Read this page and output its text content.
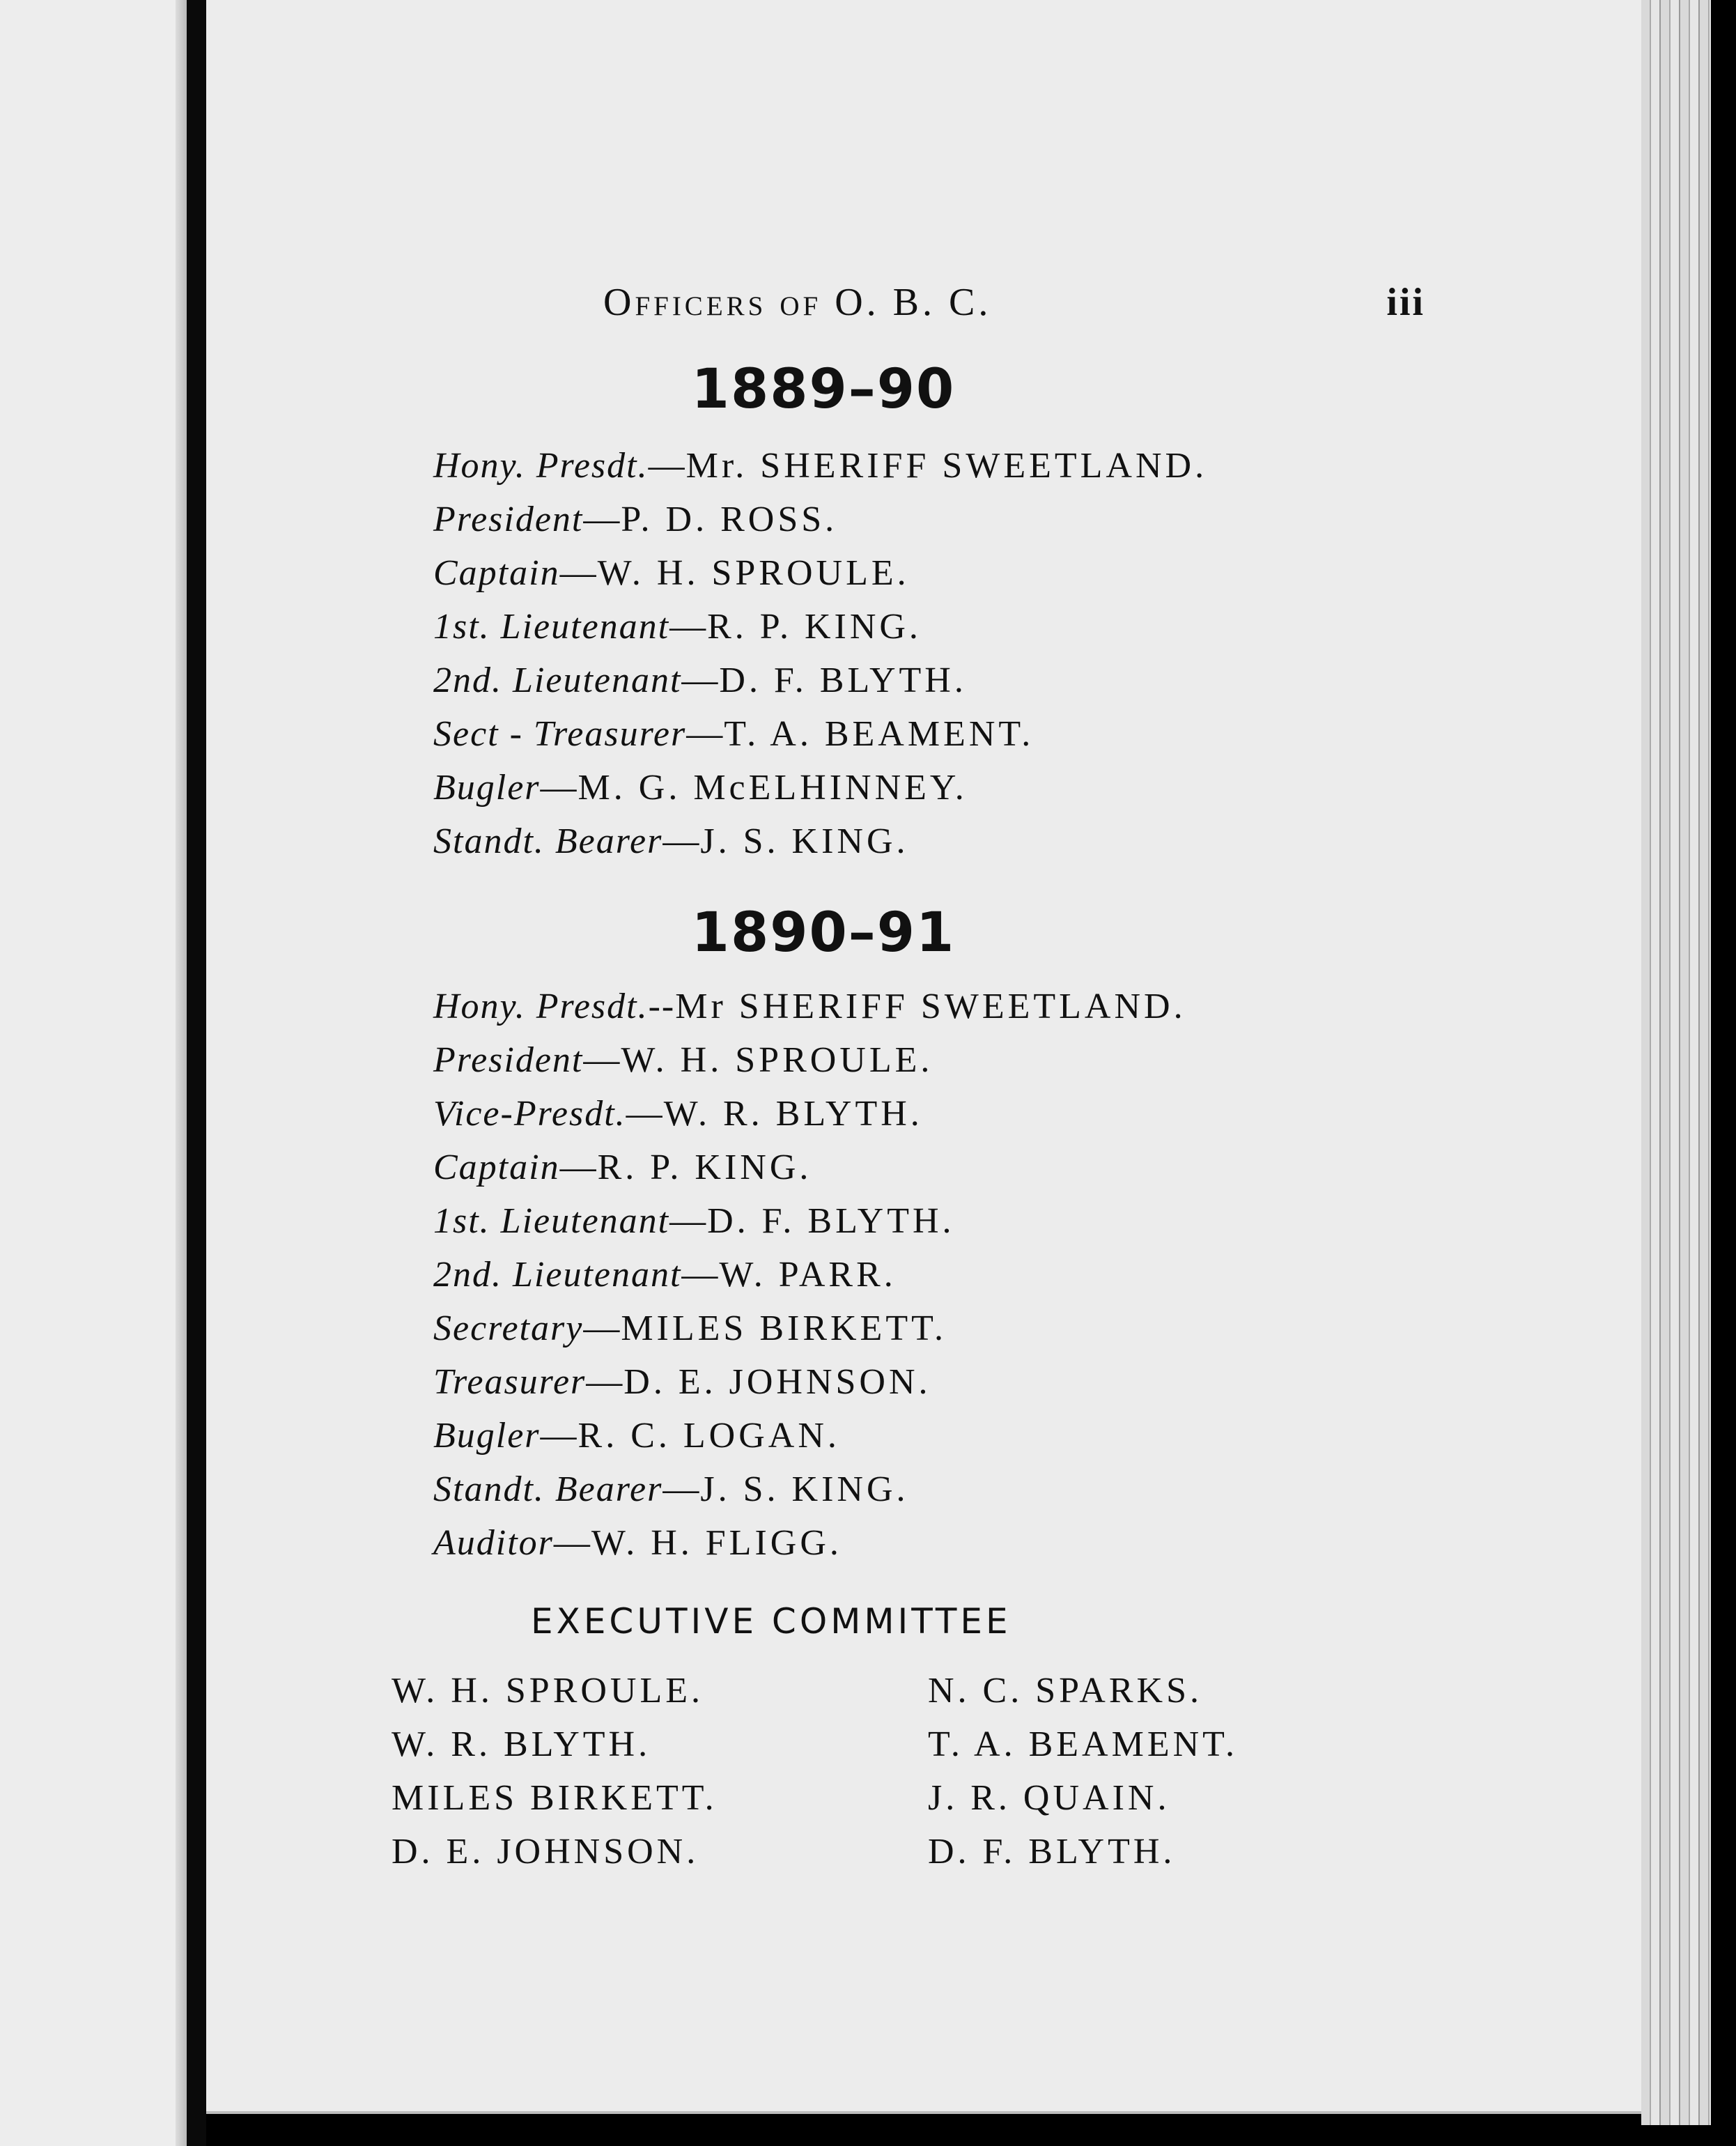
Officers of O. B. C.	iii
1889–90
Hony. Presdt.—Mr. SHERIFF SWEETLAND.
President—P. D. ROSS.
Captain—W. H. SPROULE.
1st. Lieutenant—R. P. KING.
2nd. Lieutenant—D. F. BLYTH.
Sect - Treasurer—T. A. BEAMENT.
Bugler—M. G. McELHINNEY.
Standt. Bearer—J. S. KING.
1890–91
Hony. Presdt.--Mr SHERIFF SWEETLAND.
President—W. H. SPROULE.
Vice-Presdt.—W. R. BLYTH.
Captain—R. P. KING.
1st. Lieutenant—D. F. BLYTH.
2nd. Lieutenant—W. PARR.
Secretary—MILES BIRKETT.
Treasurer—D. E. JOHNSON.
Bugler—R. C. LOGAN.
Standt. Bearer—J. S. KING.
Auditor—W. H. FLIGG.
EXECUTIVE COMMITTEE
W. H. SPROULE.
W. R. BLYTH.
MILES BIRKETT.
D. E. JOHNSON.
N. C. SPARKS.
T. A. BEAMENT.
J. R. QUAIN.
D. F. BLYTH.
